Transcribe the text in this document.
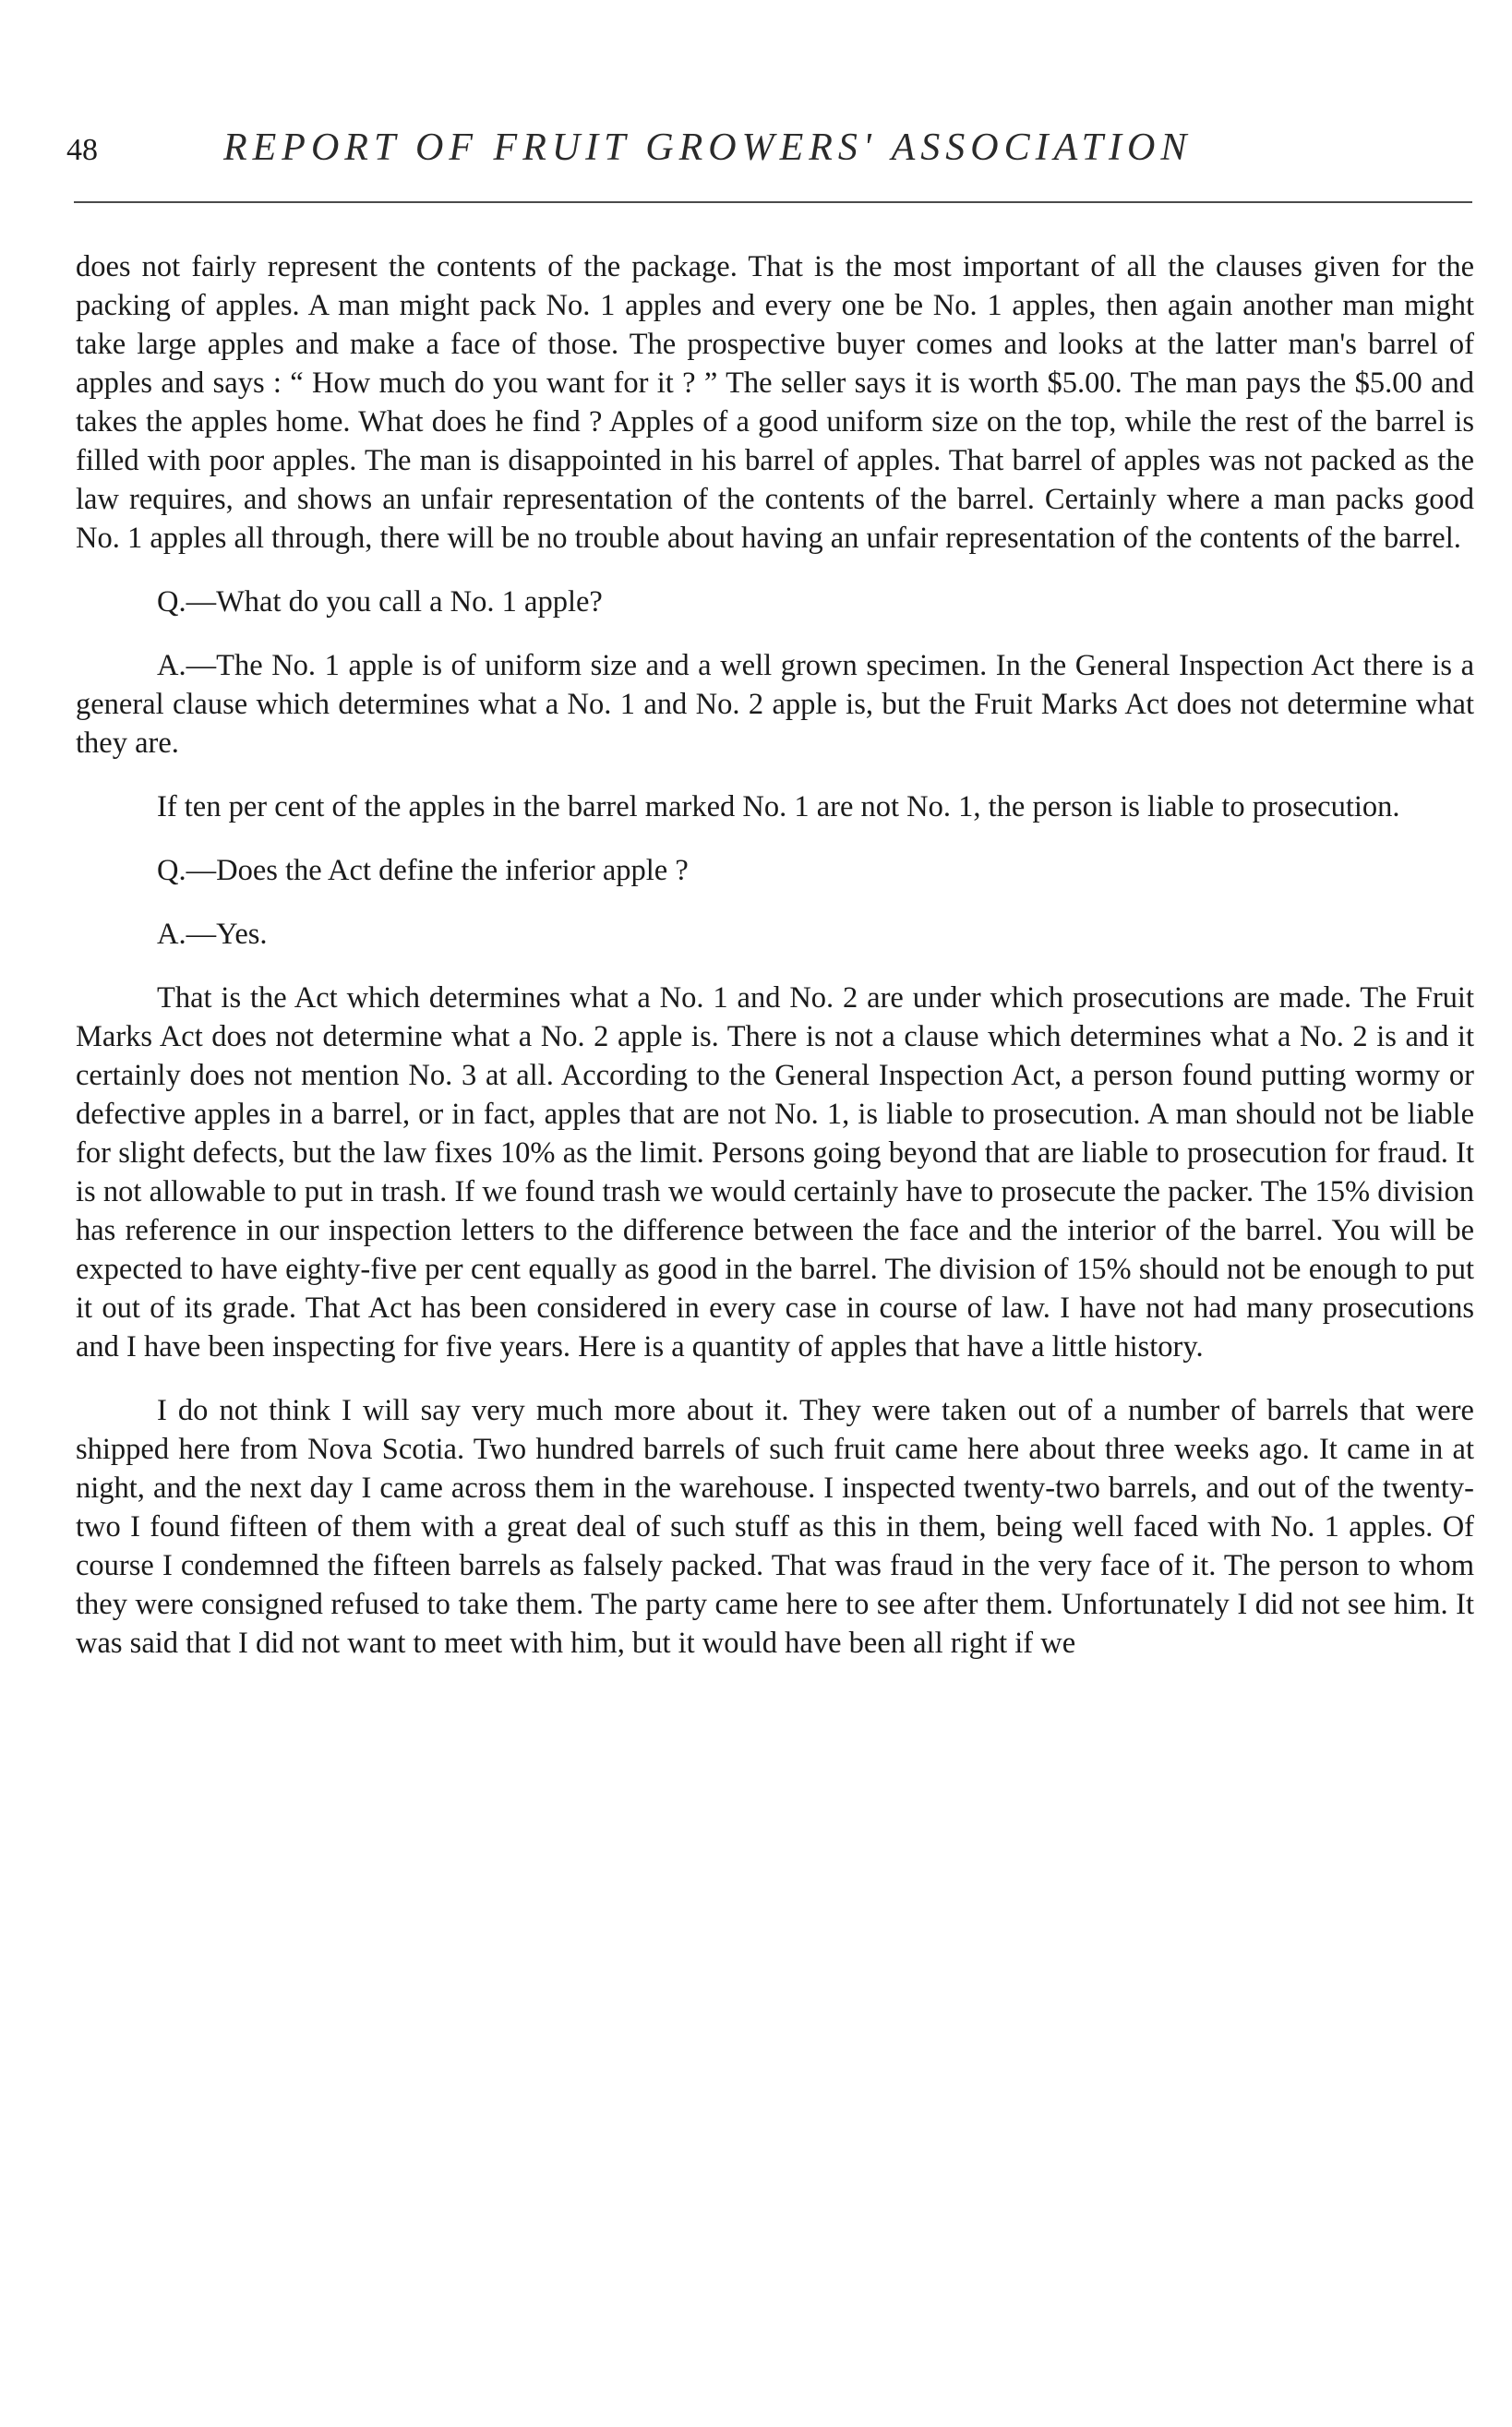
48	REPORT OF FRUIT GROWERS' ASSOCIATION

does not fairly represent the contents of the package. That is the most important of all the clauses given for the packing of apples. A man might pack No. 1 apples and every one be No. 1 apples, then again another man might take large apples and make a face of those. The prospective buyer comes and looks at the latter man's barrel of apples and says : “ How much do you want for it ? ” The seller says it is worth $5.00. The man pays the $5.00 and takes the apples home. What does he find ? Apples of a good uniform size on the top, while the rest of the barrel is filled with poor apples. The man is disappointed in his barrel of apples. That barrel of apples was not packed as the law requires, and shows an unfair representation of the contents of the barrel. Certainly where a man packs good No. 1 apples all through, there will be no trouble about having an unfair representation of the contents of the barrel.

Q.—What do you call a No. 1 apple?

A.—The No. 1 apple is of uniform size and a well grown specimen. In the General Inspection Act there is a general clause which determines what a No. 1 and No. 2 apple is, but the Fruit Marks Act does not determine what they are.

If ten per cent of the apples in the barrel marked No. 1 are not No. 1, the person is liable to prosecution.

Q.—Does the Act define the inferior apple ?

A.—Yes.

That is the Act which determines what a No. 1 and No. 2 are under which prosecutions are made. The Fruit Marks Act does not determine what a No. 2 apple is. There is not a clause which determines what a No. 2 is and it certainly does not mention No. 3 at all. According to the General Inspection Act, a person found putting wormy or defective apples in a barrel, or in fact, apples that are not No. 1, is liable to prosecution. A man should not be liable for slight defects, but the law fixes 10% as the limit. Persons going beyond that are liable to prosecution for fraud. It is not allowable to put in trash. If we found trash we would certainly have to prosecute the packer. The 15% division has reference in our inspection letters to the difference between the face and the interior of the barrel. You will be expected to have eighty-five per cent equally as good in the barrel. The division of 15% should not be enough to put it out of its grade. That Act has been considered in every case in course of law. I have not had many prosecutions and I have been inspecting for five years. Here is a quantity of apples that have a little history.

I do not think I will say very much more about it. They were taken out of a number of barrels that were shipped here from Nova Scotia. Two hundred barrels of such fruit came here about three weeks ago. It came in at night, and the next day I came across them in the warehouse. I inspected twenty-two barrels, and out of the twenty-two I found fifteen of them with a great deal of such stuff as this in them, being well faced with No. 1 apples. Of course I condemned the fifteen barrels as falsely packed. That was fraud in the very face of it. The person to whom they were consigned refused to take them. The party came here to see after them. Unfortunately I did not see him. It was said that I did not want to meet with him, but it would have been all right if we
